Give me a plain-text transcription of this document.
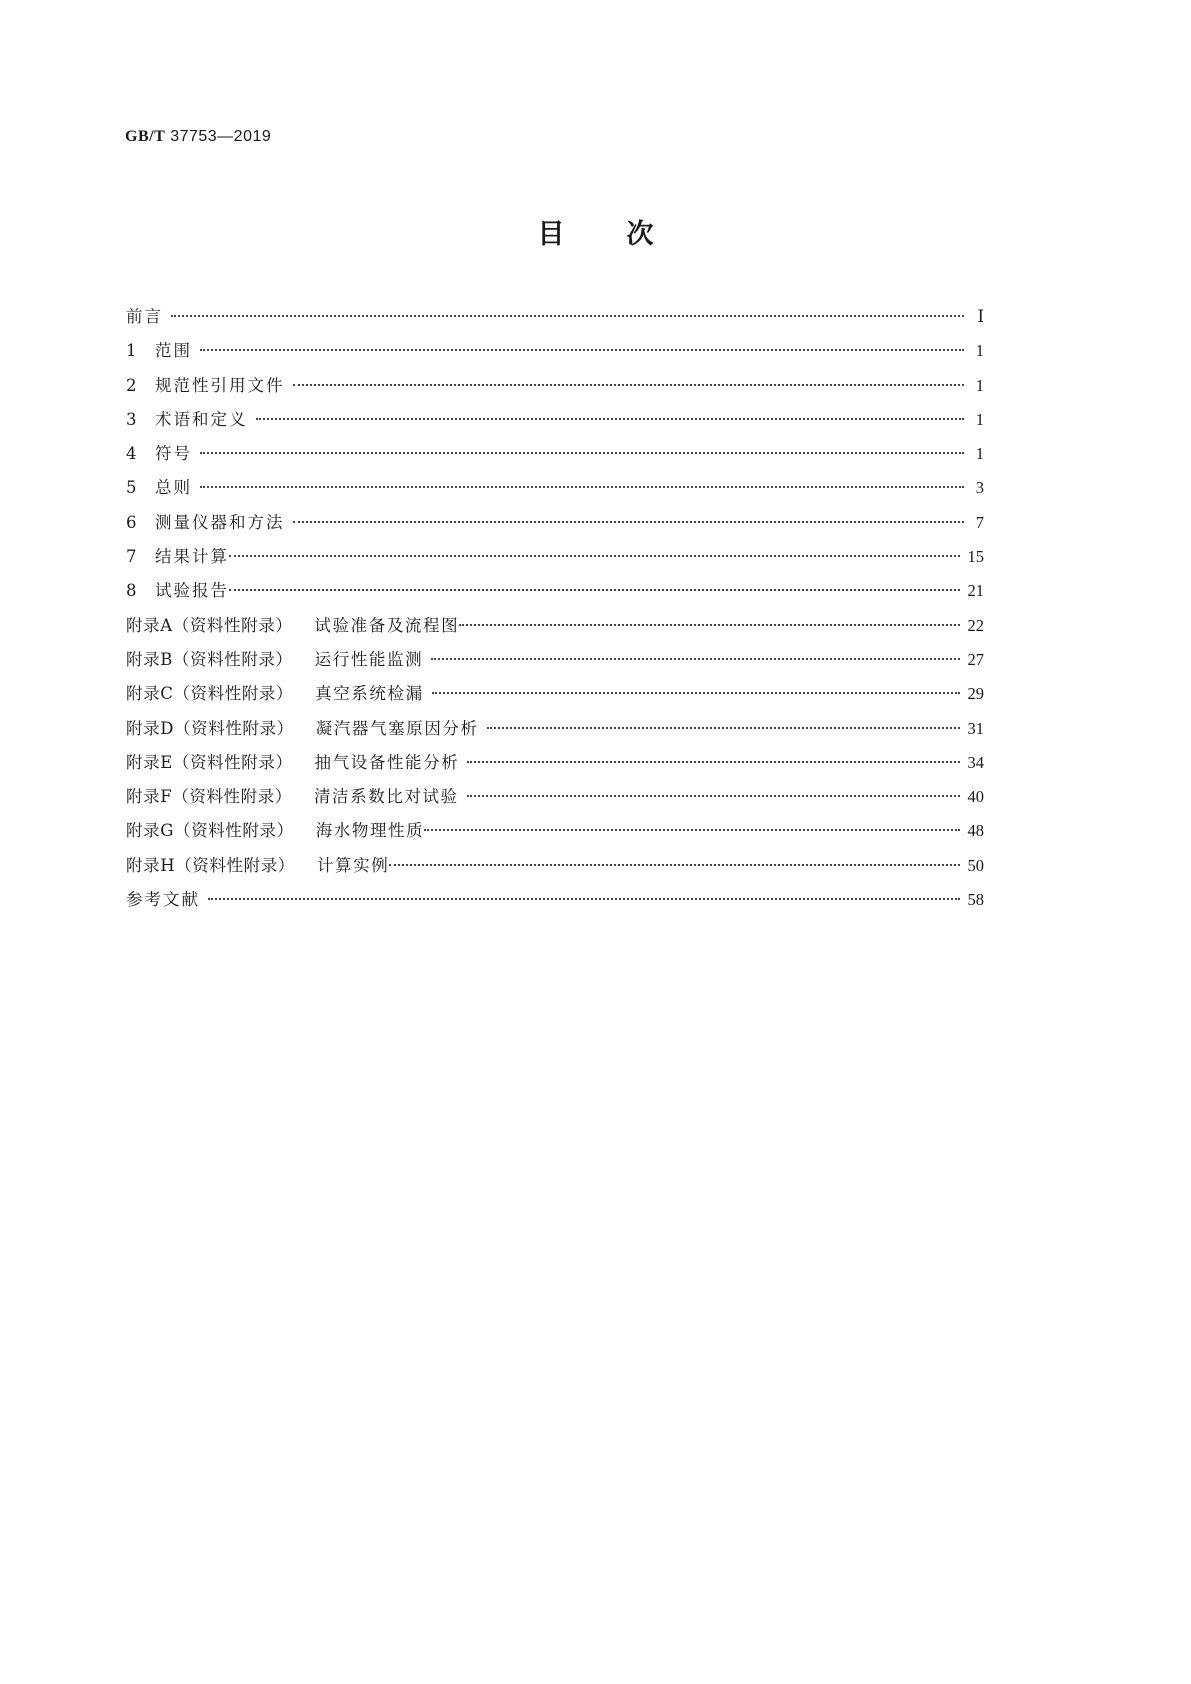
GB/T 37753—2019
目 次
前言	Ⅰ
1	范围	1
2	规范性引用文件	1
3	术语和定义	1
4	符号	1
5	总则	3
6	测量仪器和方法	7
7	结果计算	15
8	试验报告	21
附录A（资料性附录） 试验准备及流程图	22
附录B（资料性附录） 运行性能监测	27
附录C（资料性附录） 真空系统检漏	29
附录D（资料性附录） 凝汽器气塞原因分析	31
附录E（资料性附录） 抽气设备性能分析	34
附录F（资料性附录） 清洁系数比对试验	40
附录G（资料性附录） 海水物理性质	48
附录H（资料性附录） 计算实例	50
参考文献	58
